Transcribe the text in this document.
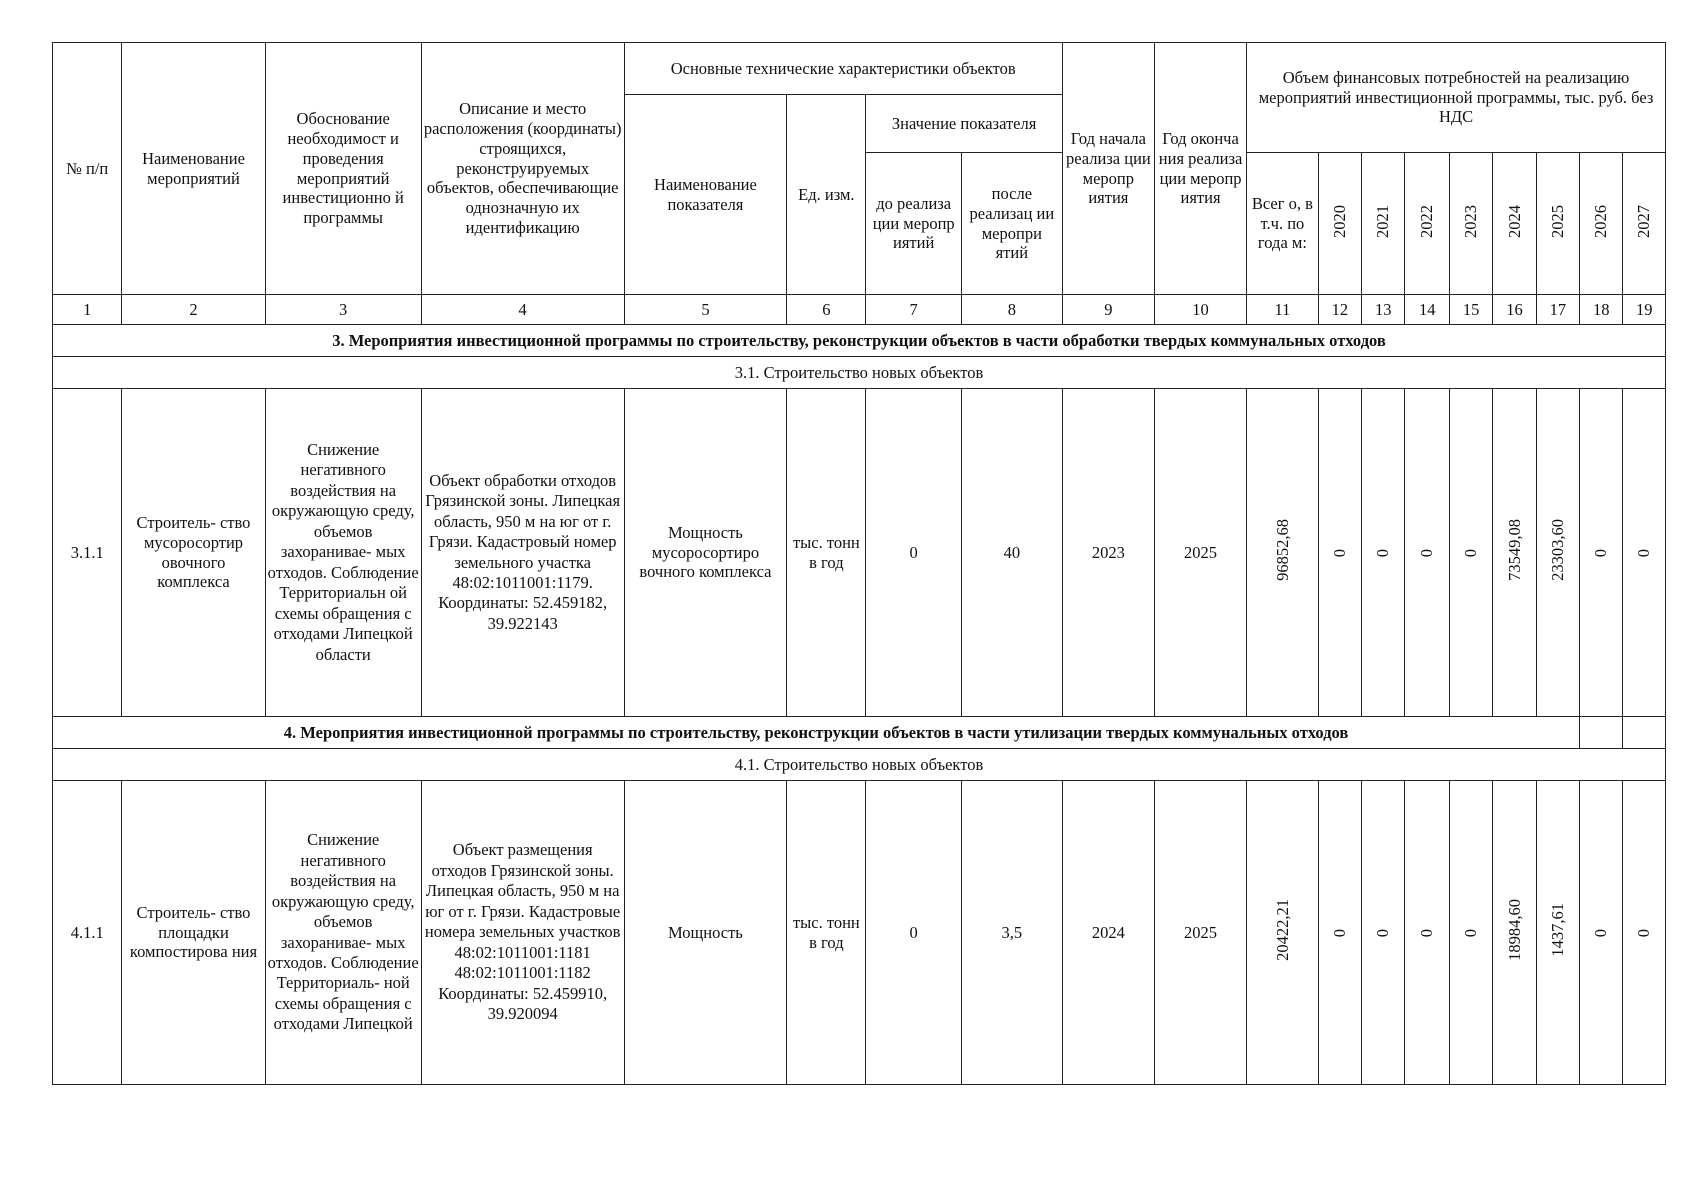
№ п/п	Наименование мероприятий	Обоснование необходимост и проведения мероприятий инвестиционно й программы	Описание и место расположения (координаты) строящихся, реконструируемых объектов, обеспечивающие однозначную их идентификацию	Основные технические характеристики объектов				Год начала реализа ции меропр иятия	Год оконча ния реализа ции меропр иятия	Объем финансовых потребностей на реализацию мероприятий инвестиционной программы, тыс. руб. без НДС								
				Наименование показателя	Ед. изм.	Значение показателя												
						до реализа ции меропр иятий	после реализац ии меропри ятий			Всег о, в т.ч. по года м:	2020	2021	2022	2023	2024	2025	2026	2027

1	2	3	4	5	6	7	8	9	10	11	12	13	14	15	16	17	18	19
3. Мероприятия инвестиционной программы по строительству, реконструкции объектов в части обработки твердых коммунальных отходов																		
3.1. Строительство новых объектов																		
3.1.1	Строитель- ство мусоросортир овочного комплекса	Снижение негативного воздействия на окружающую среду, объемов захоранивае- мых отходов. Соблюдение Территориальн ой схемы обращения с отходами Липецкой области	Объект обработки отходов Грязинской зоны. Липецкая область, 950 м на юг от г. Грязи. Кадастровый номер земельного участка 48:02:1011001:1179. Координаты: 52.459182, 39.922143	Мощность мусоросортиро вочного комплекса	тыс. тонн в год	0	40	2023	2025	96852,68	0	0	0	0	73549,08	23303,60	0	0
4. Мероприятия инвестиционной программы по строительству, реконструкции объектов в части утилизации твердых коммунальных отходов																		
4.1. Строительство новых объектов																		
4.1.1	Строитель- ство площадки компостирова ния	Снижение негативного воздействия на окружающую среду, объемов захоранивае- мых отходов. Соблюдение Территориаль- ной схемы обращения с отходами Липецкой	Объект размещения отходов Грязинской зоны. Липецкая область, 950 м на юг от г. Грязи. Кадастровые номера земельных участков 48:02:1011001:1181 48:02:1011001:1182 Координаты: 52.459910, 39.920094	Мощность	тыс. тонн в год	0	3,5	2024	2025	20422,21	0	0	0	0	18984,60	1437,61	0	0
